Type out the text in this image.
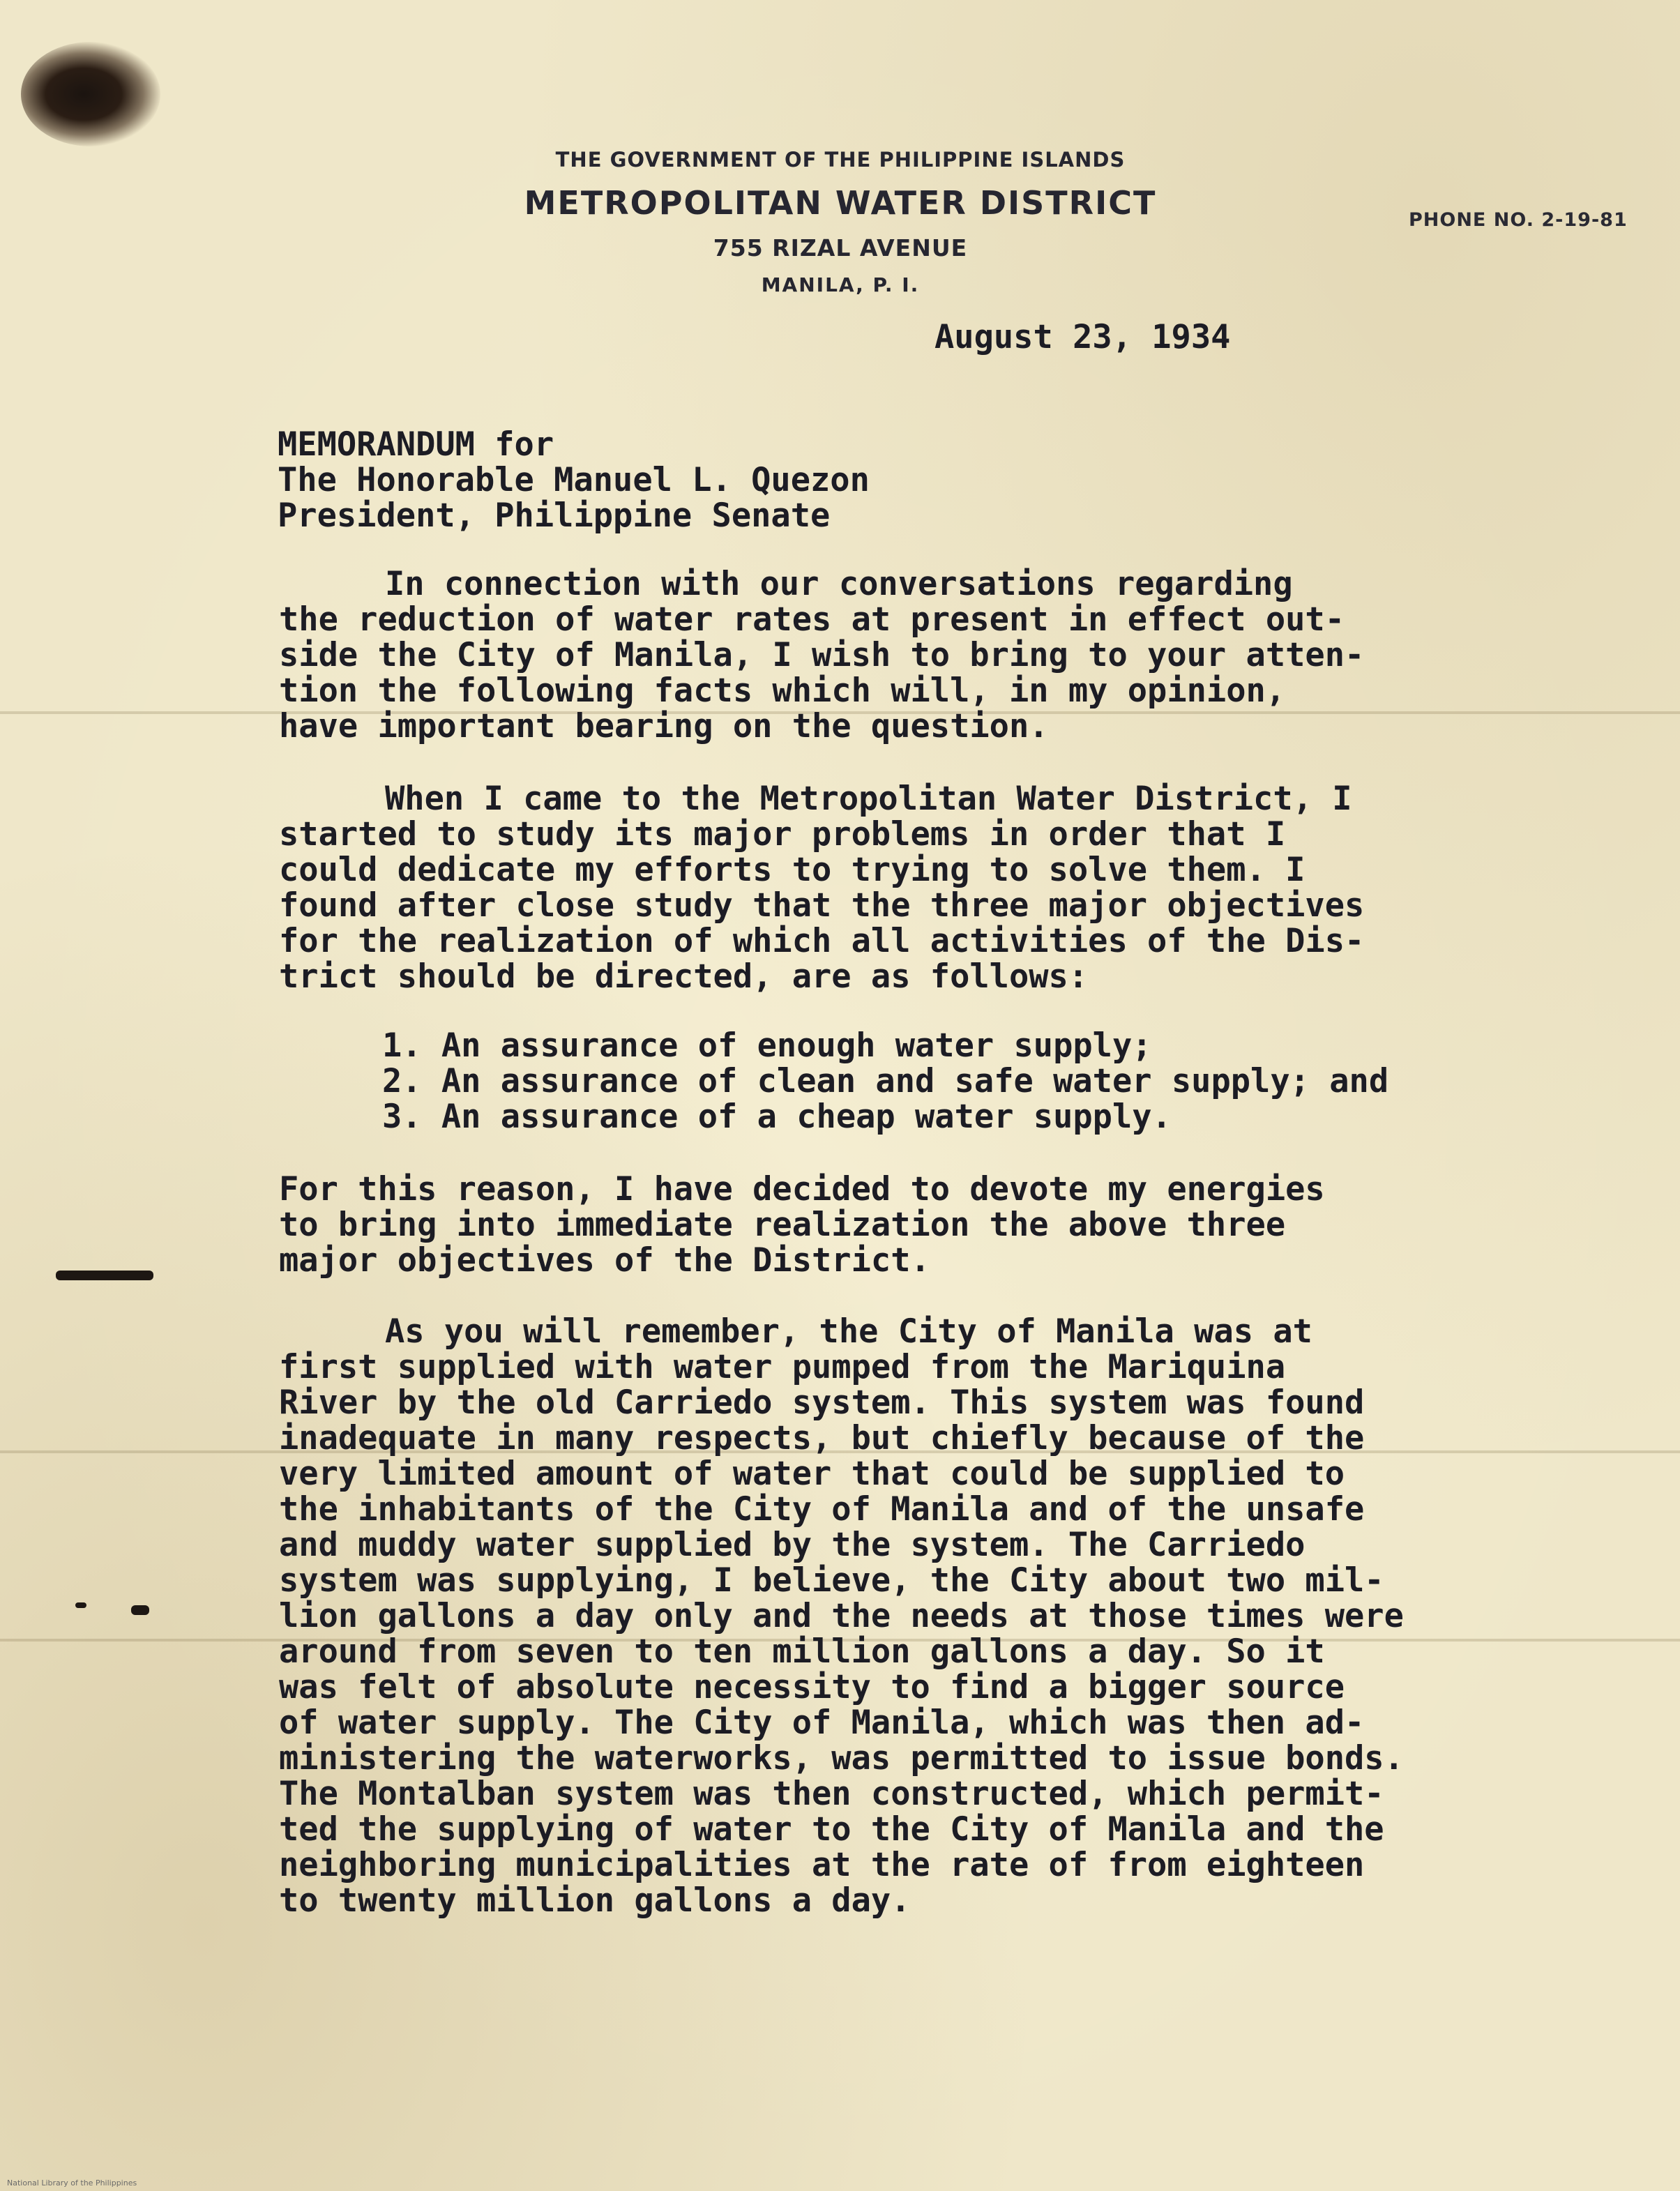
THE GOVERNMENT OF THE PHILIPPINE ISLANDS
METROPOLITAN WATER DISTRICT
755 RIZAL AVENUE
MANILA, P. I.
PHONE NO. 2-19-81
August 23, 1934
MEMORANDUM for
The Honorable Manuel L. Quezon
President, Philippine Senate
In connection with our conversations regarding
the reduction of water rates at present in effect out-
side the City of Manila, I wish to bring to your atten-
tion the following facts which will, in my opinion,
have important bearing on the question.
When I came to the Metropolitan Water District, I
started to study its major problems in order that I
could dedicate my efforts to trying to solve them. I
found after close study that the three major objectives
for the realization of which all activities of the Dis-
trict should be directed, are as follows:
1. An assurance of enough water supply;
2. An assurance of clean and safe water supply; and
3. An assurance of a cheap water supply.
For this reason, I have decided to devote my energies
to bring into immediate realization the above three
major objectives of the District.
As you will remember, the City of Manila was at
first supplied with water pumped from the Mariquina
River by the old Carriedo system. This system was found
inadequate in many respects, but chiefly because of the
very limited amount of water that could be supplied to
the inhabitants of the City of Manila and of the unsafe
and muddy water supplied by the system. The Carriedo
system was supplying, I believe, the City about two mil-
lion gallons a day only and the needs at those times were
around from seven to ten million gallons a day. So it
was felt of absolute necessity to find a bigger source
of water supply. The City of Manila, which was then ad-
ministering the waterworks, was permitted to issue bonds.
The Montalban system was then constructed, which permit-
ted the supplying of water to the City of Manila and the
neighboring municipalities at the rate of from eighteen
to twenty million gallons a day.
National Library of the Philippines
